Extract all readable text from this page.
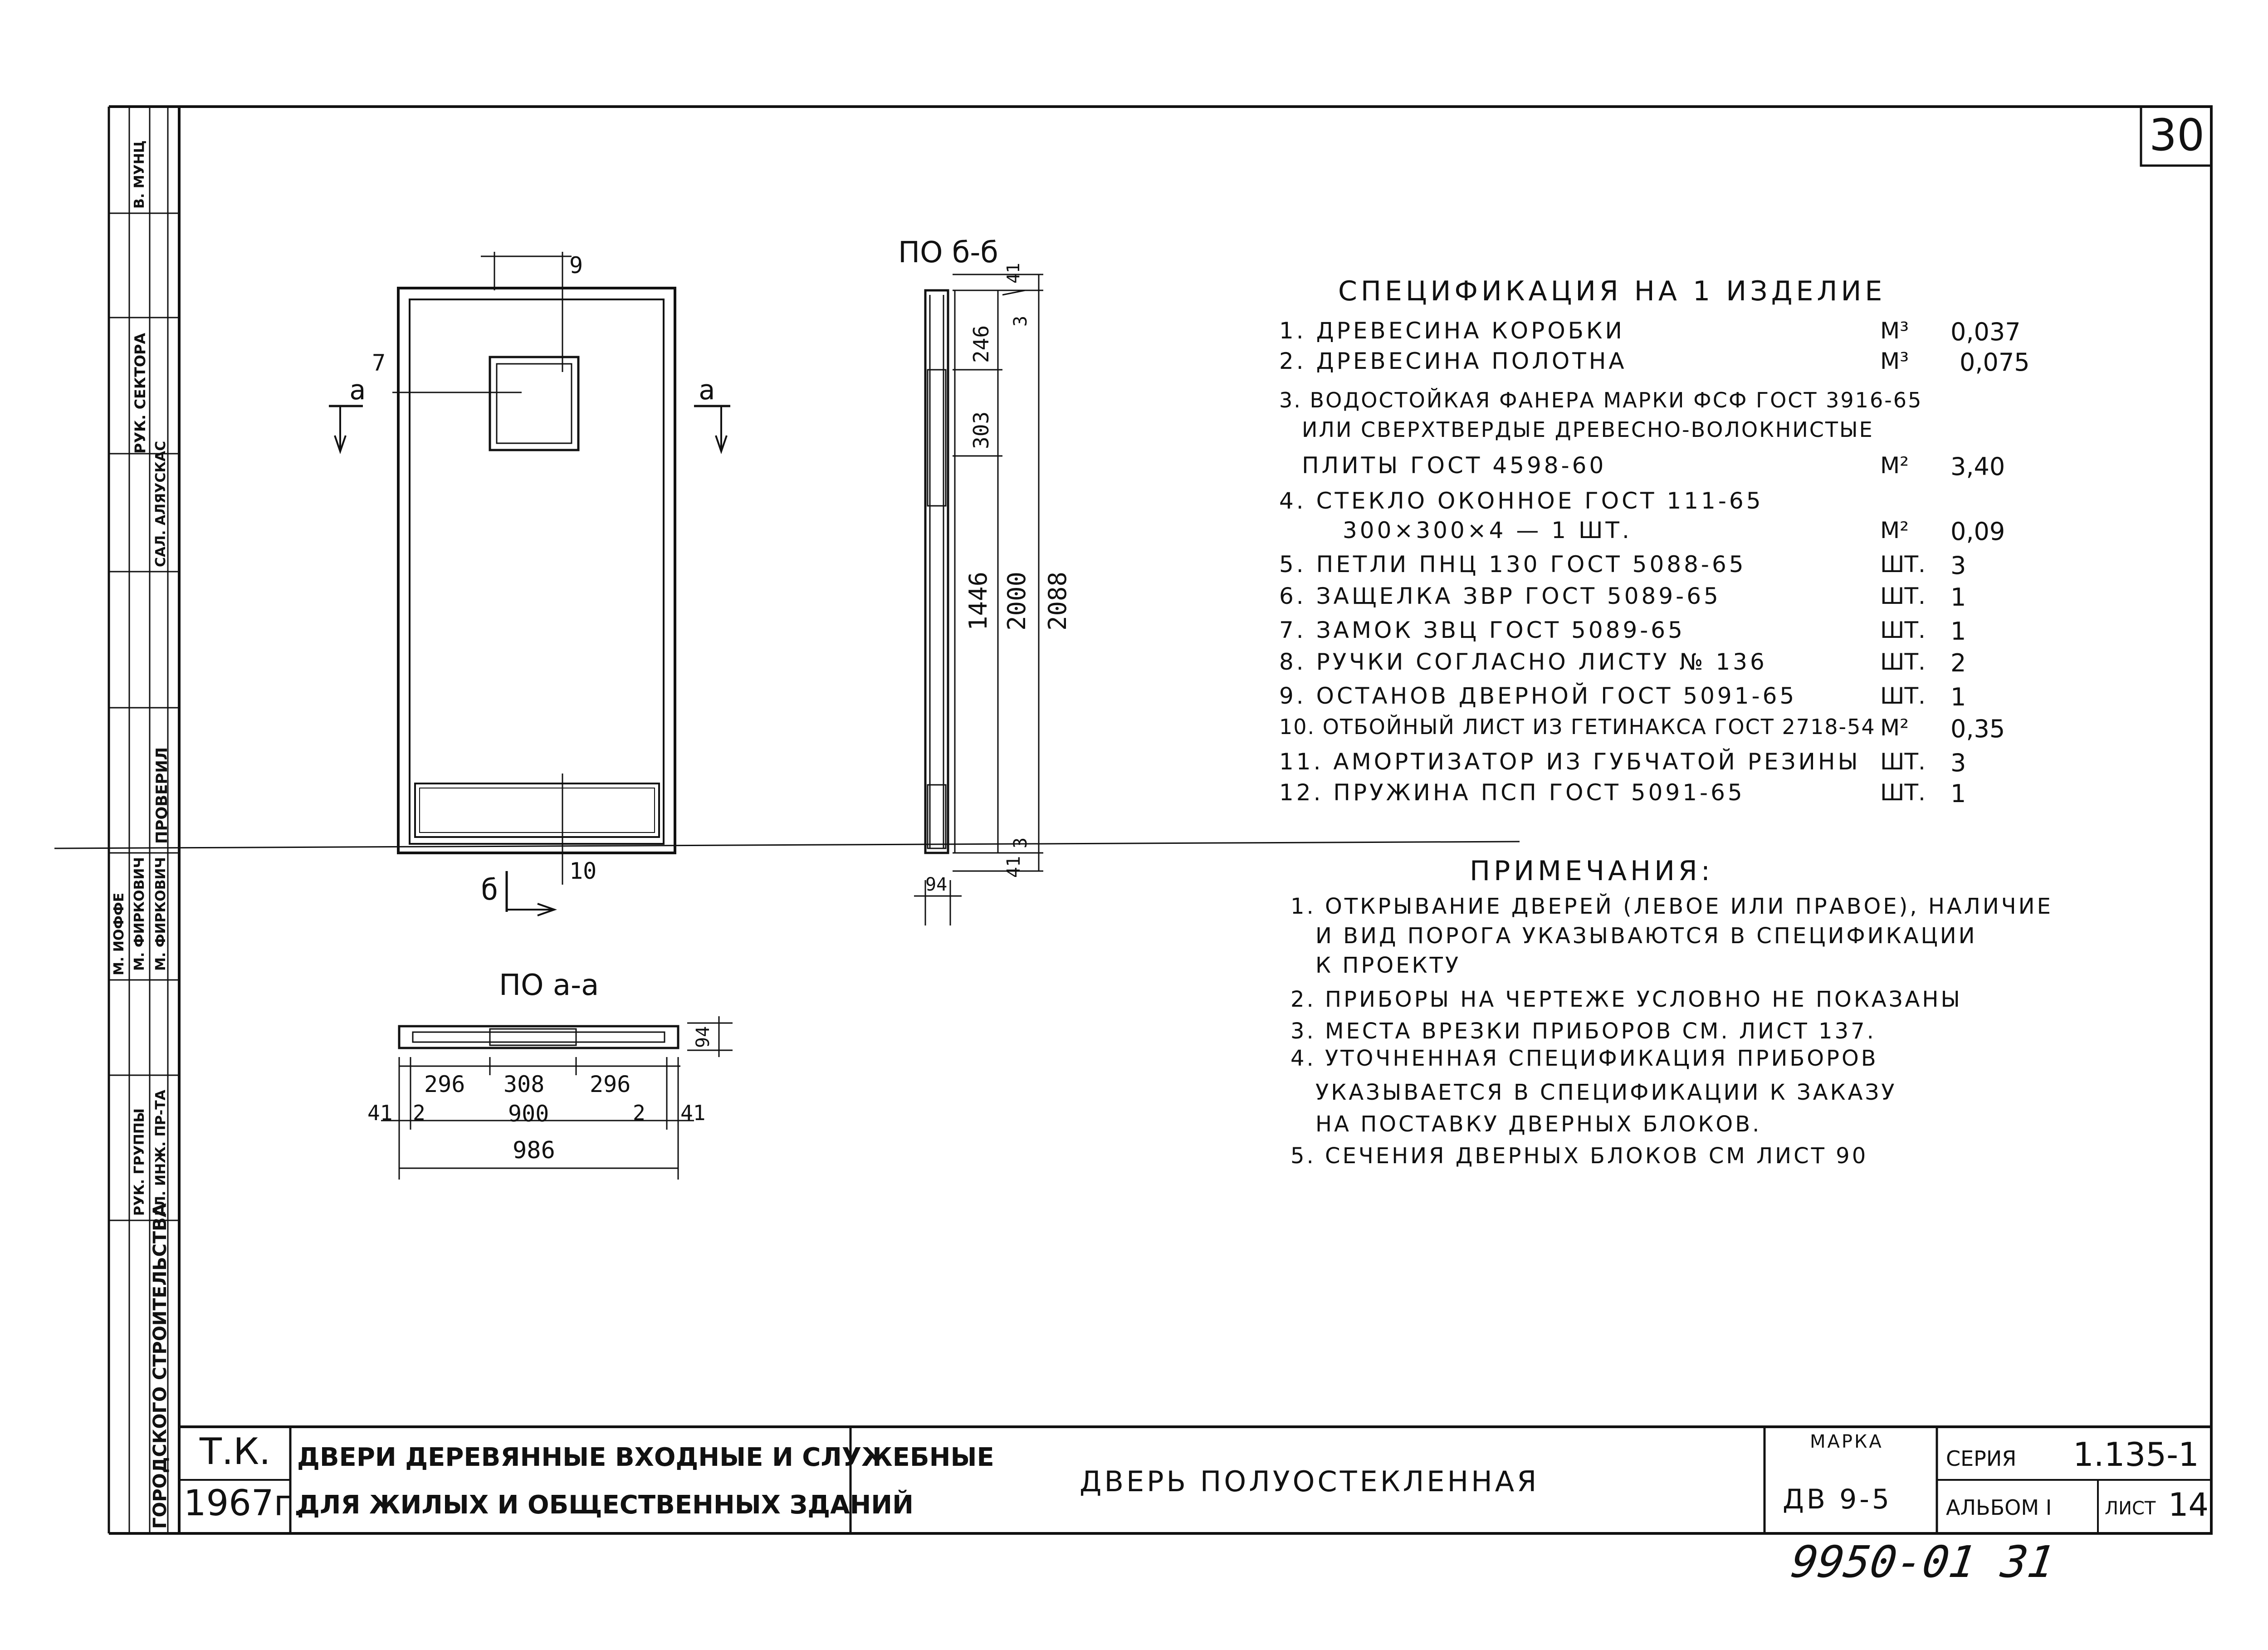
30
9
7
a	a
б
10
ПО б-б
41
246
3
303
1446 2000 2088
3
41
94
ПО а-а
94
296 308 296
41 2	900	2 41
986
СПЕЦИФИКАЦИЯ НА 1 ИЗДЕЛИЕ
1. ДРЕВЕСИНА КОРОБКИ	М³ 0,037
2. ДРЕВЕСИНА ПОЛОТНА	М³ 0,075
3. ВОДОСТОЙКАЯ ФАНЕРА МАРКИ ФСФ ГОСТ 3916-65
ИЛИ СВЕРХТВЕРДЫЕ ДРЕВЕСНО-ВОЛОКНИСТЫЕ
ПЛИТЫ ГОСТ 4598-60	М² 3,40
4. СТЕКЛО ОКОННОЕ ГОСТ 111-65
300×300×4 — 1 ШТ.	М² 0,09
5. ПЕТЛИ ПНЦ 130 ГОСТ 5088-65	ШТ. 3
6. ЗАЩЕЛКА ЗВР ГОСТ 5089-65	ШТ. 1
7. ЗАМОК ЗВЦ ГОСТ 5089-65	ШТ. 1
8. РУЧКИ СОГЛАСНО ЛИСТУ № 136	ШТ. 2
9. ОСТАНОВ ДВЕРНОЙ ГОСТ 5091-65	ШТ. 1
10. ОТБОЙНЫЙ ЛИСТ ИЗ ГЕТИНАКСА ГОСТ 2718-54 М² 0,35
11. АМОРТИЗАТОР ИЗ ГУБЧАТОЙ РЕЗИНЫ ШТ. 3
12. ПРУЖИНА ПСП ГОСТ 5091-65	ШТ. 1
ПРИМЕЧАНИЯ:
1. ОТКРЫВАНИЕ ДВЕРЕЙ (ЛЕВОЕ ИЛИ ПРАВОЕ), НАЛИЧИЕ
И ВИД ПОРОГА УКАЗЫВАЮТСЯ В СПЕЦИФИКАЦИИ
К ПРОЕКТУ
2. ПРИБОРЫ НА ЧЕРТЕЖЕ УСЛОВНО НЕ ПОКАЗАНЫ
3. МЕСТА ВРЕЗКИ ПРИБОРОВ СМ. ЛИСТ 137.
4. УТОЧНЕННАЯ СПЕЦИФИКАЦИЯ ПРИБОРОВ
УКАЗЫВАЕТСЯ В СПЕЦИФИКАЦИИ К ЗАКАЗУ
НА ПОСТАВКУ ДВЕРНЫХ БЛОКОВ.
5. СЕЧЕНИЯ ДВЕРНЫХ БЛОКОВ СМ ЛИСТ 90
Т.К.
1967г.
ДВЕРИ ДЕРЕВЯННЫЕ ВХОДНЫЕ И СЛУЖЕБНЫЕ
ДЛЯ ЖИЛЫХ И ОБЩЕСТВЕННЫХ ЗДАНИЙ
ДВЕРЬ ПОЛУОСТЕКЛЕННАЯ
МАРКА
ДВ 9-5
СЕРИЯ 1.135-1
АЛЬБОМ I	ЛИСТ 14
9950-01 31
ГОРОДСКОГО СТРОИТЕЛЬСТВА
ГЛ. ИНЖ. ПР-ТА
РУК. ГРУППЫ
ПРОВЕРИЛ
РУК. СЕКТОРА
М. ФИРКОВИЧ
М. ФИРКОВИЧ
М. ИОФФЕ
САЛ. АЛЯУСКАС
В. МУНЦ
